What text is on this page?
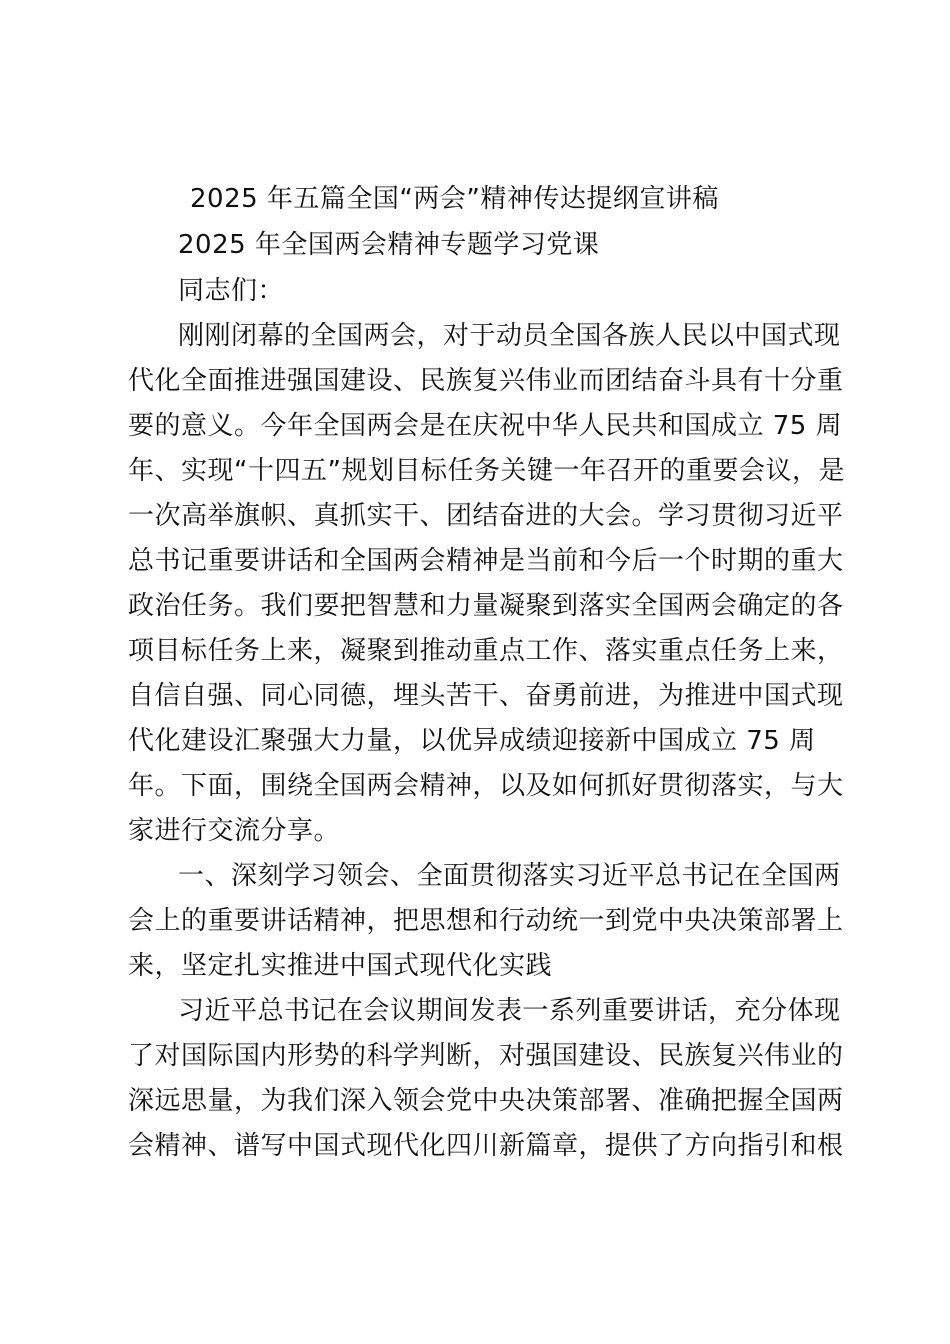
2025 年五篇全国“两会”精神传达提纲宣讲稿
2025 年全国两会精神专题学习党课
同志们：
刚刚闭幕的全国两会，对于动员全国各族人民以中国式现
代化全面推进强国建设、民族复兴伟业而团结奋斗具有十分重
要的意义。今年全国两会是在庆祝中华人民共和国成立 75 周
年、实现“十四五”规划目标任务关键一年召开的重要会议，是
一次高举旗帜、真抓实干、团结奋进的大会。学习贯彻习近平
总书记重要讲话和全国两会精神是当前和今后一个时期的重大
政治任务。我们要把智慧和力量凝聚到落实全国两会确定的各
项目标任务上来，凝聚到推动重点工作、落实重点任务上来，
自信自强、同心同德，埋头苦干、奋勇前进，为推进中国式现
代化建设汇聚强大力量，以优异成绩迎接新中国成立 75 周
年。下面，围绕全国两会精神，以及如何抓好贯彻落实，与大
家进行交流分享。
一、深刻学习领会、全面贯彻落实习近平总书记在全国两
会上的重要讲话精神，把思想和行动统一到党中央决策部署上
来，坚定扎实推进中国式现代化实践
习近平总书记在会议期间发表一系列重要讲话，充分体现
了对国际国内形势的科学判断，对强国建设、民族复兴伟业的
深远思量，为我们深入领会党中央决策部署、准确把握全国两
会精神、谱写中国式现代化四川新篇章，提供了方向指引和根
